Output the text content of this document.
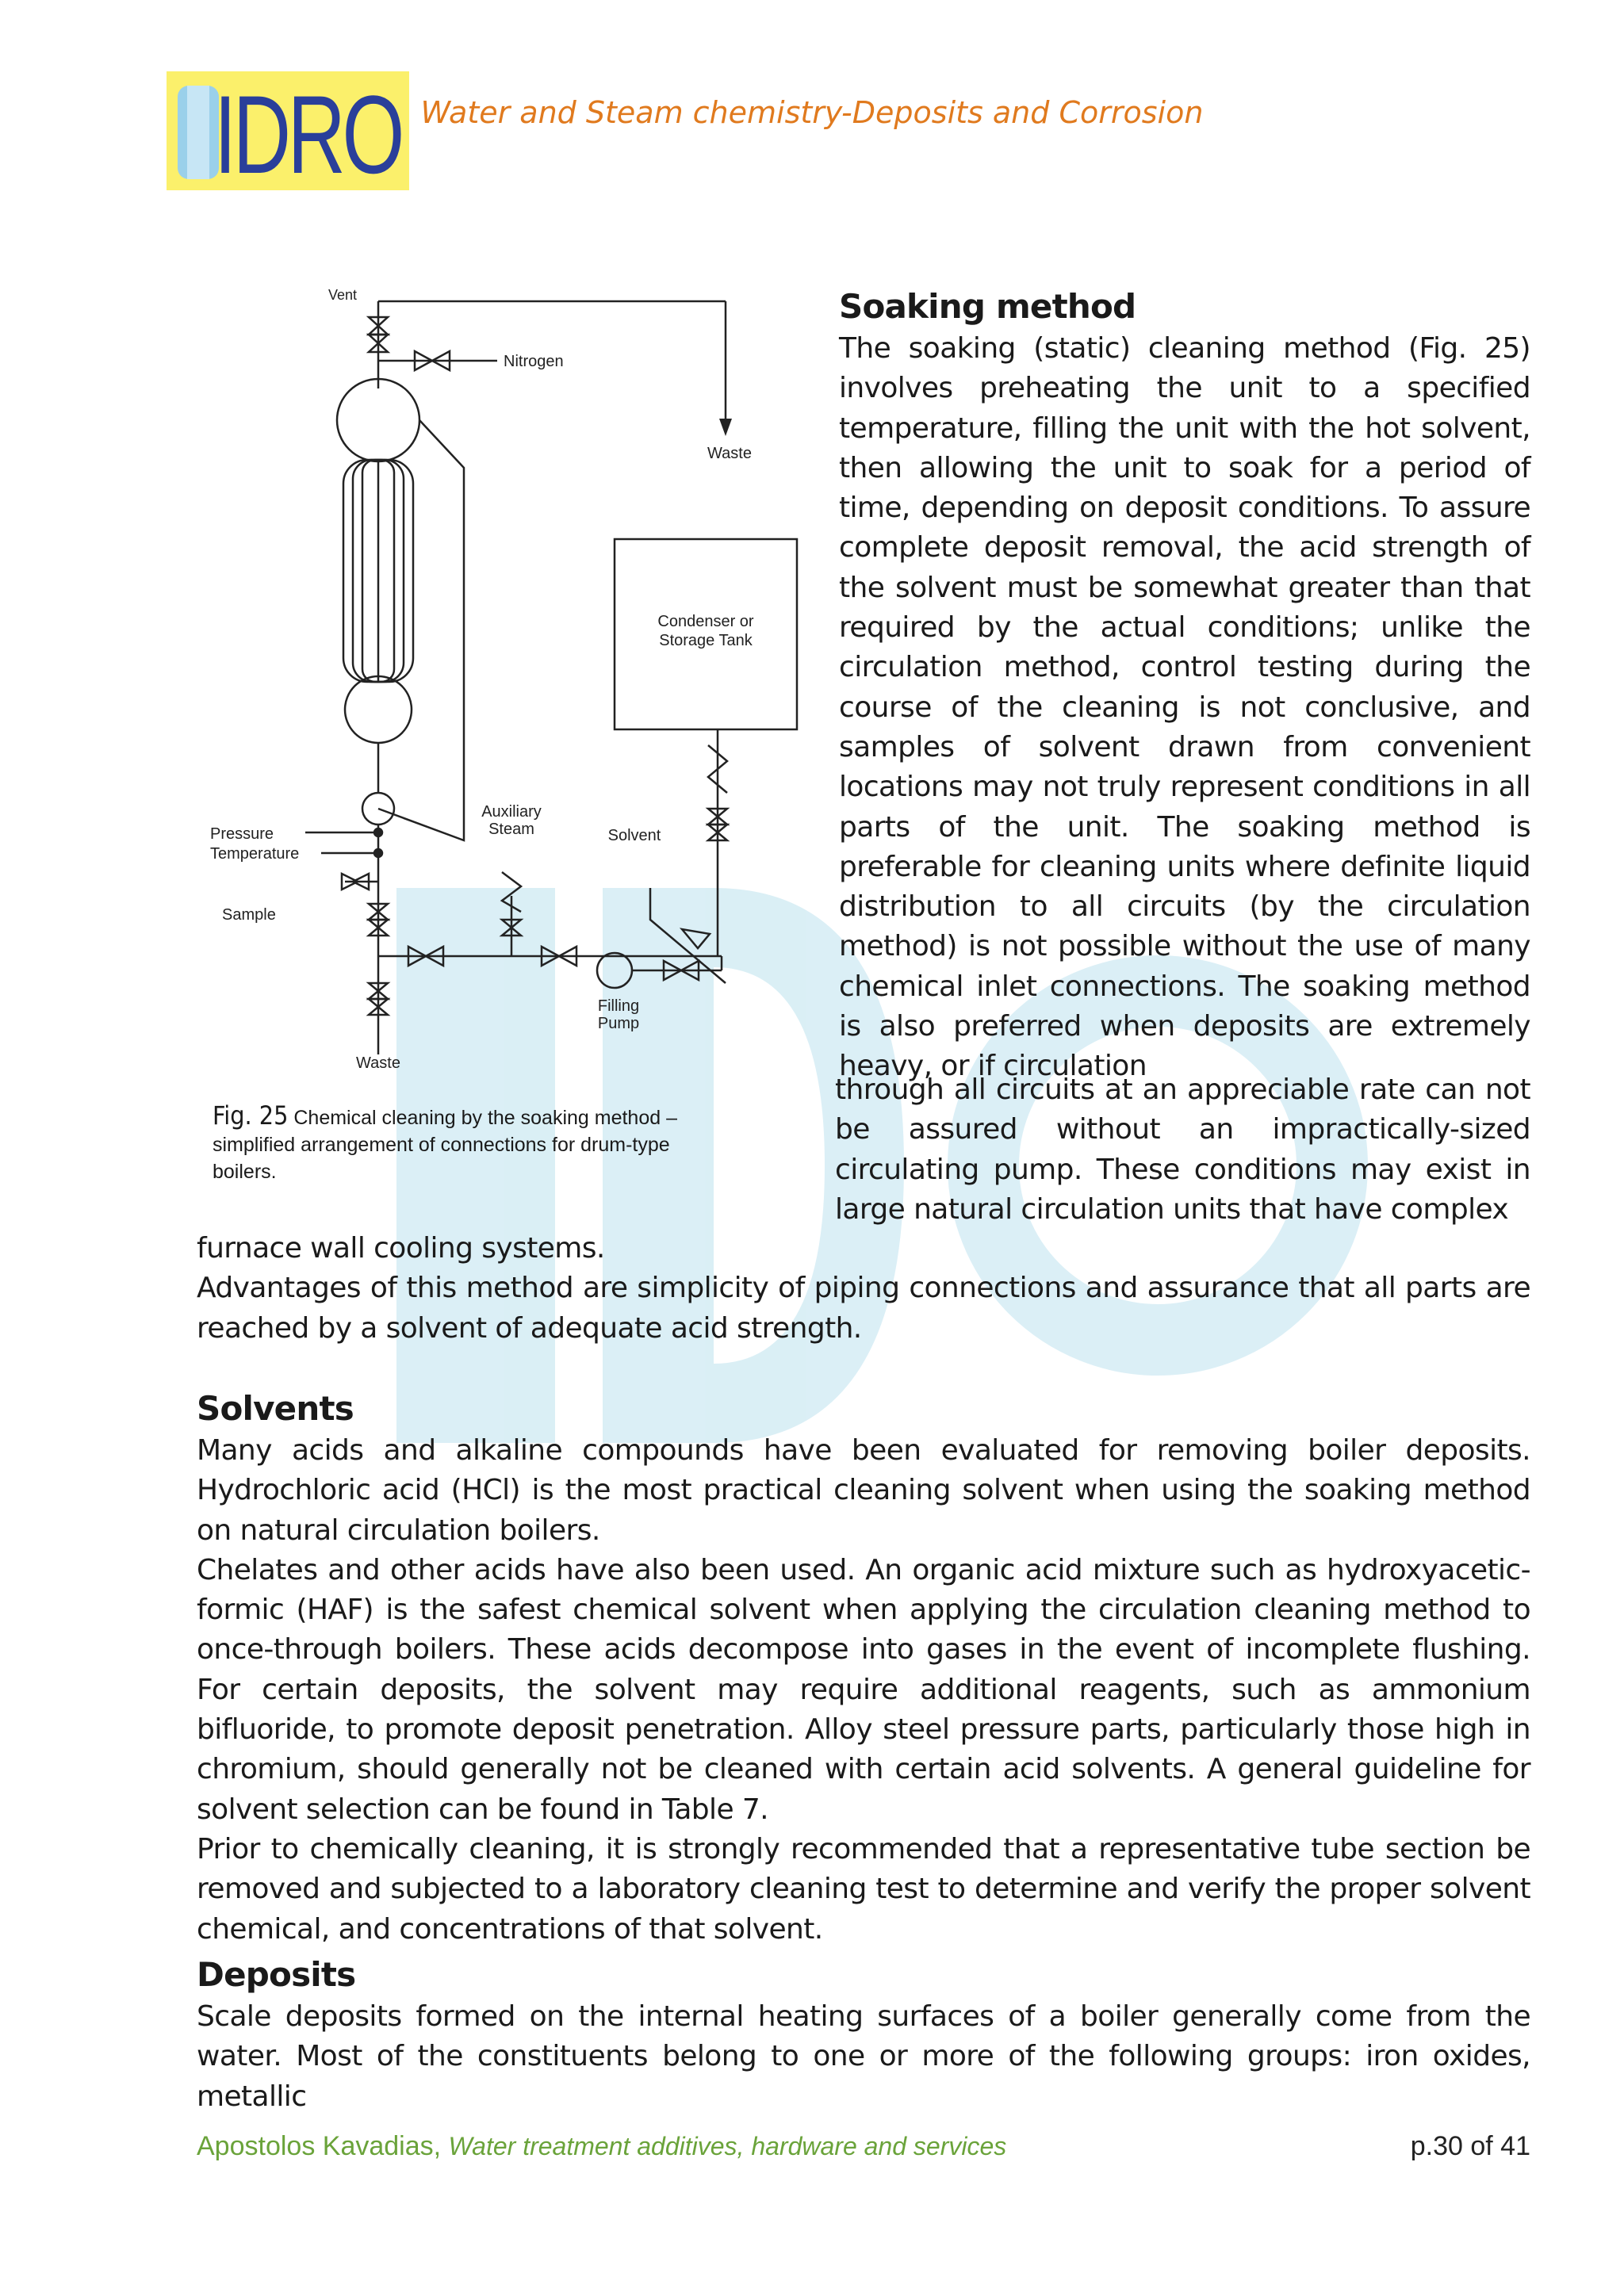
IDRO Water and Steam chemistry-Deposits and Corrosion
Vent
Nitrogen
Waste
Condenser or
Storage Tank
Auxiliary
Steam	Solvent
Pressure
Temperature
Sample
Filling
Pump
Waste
Fig. 25 Chemical cleaning by the soaking method – simplified arrangement of connections for drum-type boilers.
Soaking method

The soaking (static) cleaning method (Fig. 25) involves preheating the unit to a specified temperature, filling the unit with the hot solvent, then allowing the unit to soak for a period of time, depending on deposit conditions. To assure complete deposit removal, the acid strength of the solvent must be somewhat greater than that required by the actual conditions; unlike the circulation method, control testing during the course of the cleaning is not conclusive, and samples of solvent drawn from convenient locations may not truly represent conditions in all parts of the unit. The soaking method is preferable for cleaning units where definite liquid distribution to all circuits (by the circulation method) is not possible without the use of many chemical inlet connections. The soaking method is also preferred when deposits are extremely heavy, or if circulation

through all circuits at an appreciable rate can not be assured without an impractically-sized circulating pump. These conditions may exist in large natural circulation units that have complex

furnace wall cooling systems.

Advantages of this method are simplicity of piping connections and assurance that all parts are reached by a solvent of adequate acid strength.

Solvents

Many acids and alkaline compounds have been evaluated for removing boiler deposits. Hydrochloric acid (HCl) is the most practical cleaning solvent when using the soaking method on natural circulation boilers.

Chelates and other acids have also been used. An organic acid mixture such as hydroxyacetic-formic (HAF) is the safest chemical solvent when applying the circulation cleaning method to once-through boilers. These acids decompose into gases in the event of incomplete flushing. For certain deposits, the solvent may require additional reagents, such as ammonium bifluoride, to promote deposit penetration. Alloy steel pressure parts, particularly those high in chromium, should generally not be cleaned with certain acid solvents. A general guideline for solvent selection can be found in Table 7.

Prior to chemically cleaning, it is strongly recommended that a representative tube section be removed and subjected to a laboratory cleaning test to determine and verify the proper solvent chemical, and concentrations of that solvent.

Deposits

Scale deposits formed on the internal heating surfaces of a boiler generally come from the water. Most of the constituents belong to one or more of the following groups: iron oxides, metallic

Apostolos Kavadias, Water treatment additives, hardware and services	p.30 of 41
